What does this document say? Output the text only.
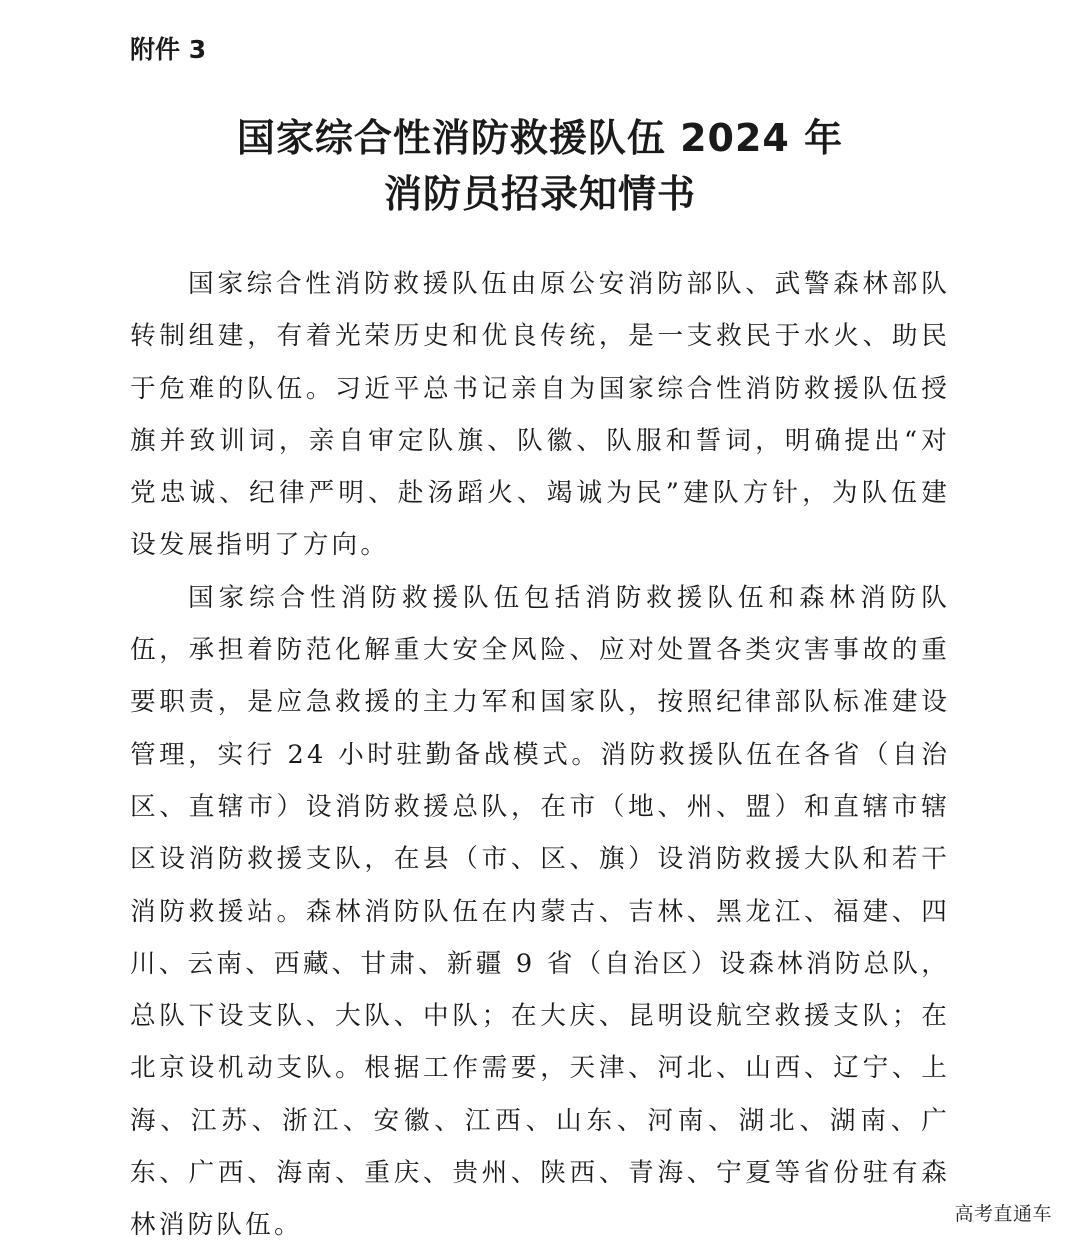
附件 3
国家综合性消防救援队伍 2024 年
消防员招录知情书

国家综合性消防救援队伍由原公安消防部队、武警森林部队转制组建，有着光荣历史和优良传统，是一支救民于水火、助民于危难的队伍。习近平总书记亲自为国家综合性消防救援队伍授旗并致训词，亲自审定队旗、队徽、队服和誓词，明确提出“对党忠诚、纪律严明、赴汤蹈火、竭诚为民”建队方针，为队伍建设发展指明了方向。

国家综合性消防救援队伍包括消防救援队伍和森林消防队伍，承担着防范化解重大安全风险、应对处置各类灾害事故的重要职责，是应急救援的主力军和国家队，按照纪律部队标准建设管理，实行 24 小时驻勤备战模式。消防救援队伍在各省（自治区、直辖市）设消防救援总队，在市（地、州、盟）和直辖市辖区设消防救援支队，在县（市、区、旗）设消防救援大队和若干消防救援站。森林消防队伍在内蒙古、吉林、黑龙江、福建、四川、云南、西藏、甘肃、新疆 9 省（自治区）设森林消防总队，总队下设支队、大队、中队；在大庆、昆明设航空救援支队；在北京设机动支队。根据工作需要，天津、河北、山西、辽宁、上海、江苏、浙江、安徽、江西、山东、河南、湖北、湖南、广东、广西、海南、重庆、贵州、陕西、青海、宁夏等省份驻有森林消防队伍。	高考直通车
